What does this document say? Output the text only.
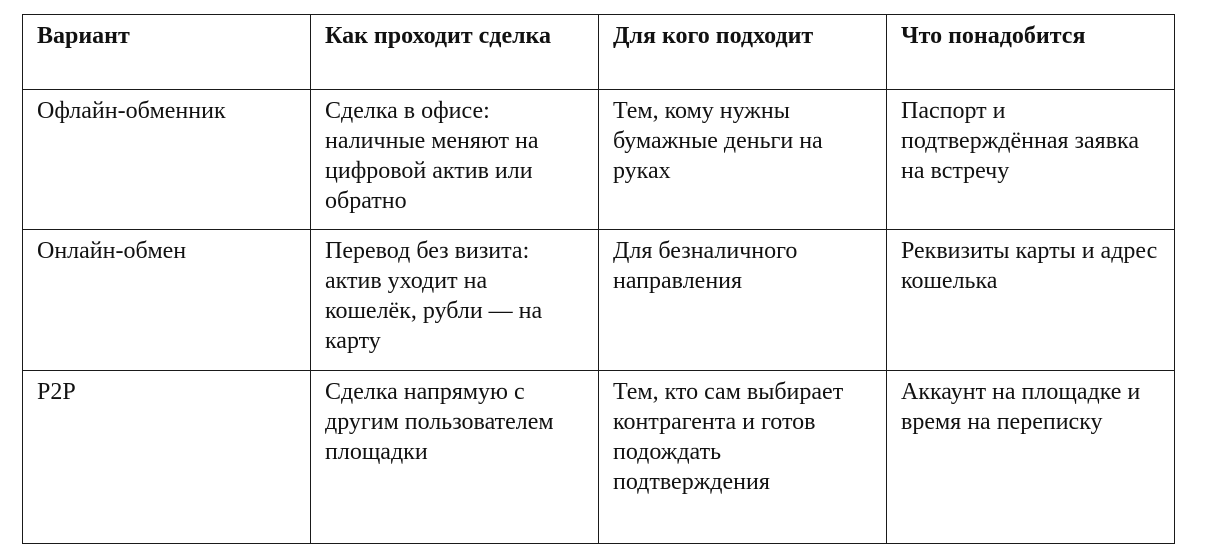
Вариант	Как проходит сделка	Для кого подходит	Что понадобится
Офлайн-обменник	Сделка в офисе: наличные меняют на цифровой актив или обратно	Тем, кому нужны бумажные деньги на руках	Паспорт и подтверждённая заявка на встречу
Онлайн-обмен	Перевод без визита: актив уходит на кошелёк, рубли — на карту	Для безналичного направления	Реквизиты карты и адрес кошелька
P2P	Сделка напрямую с другим пользователем площадки	Тем, кто сам выбирает контрагента и готов подождать подтверждения	Аккаунт на площадке и время на переписку
